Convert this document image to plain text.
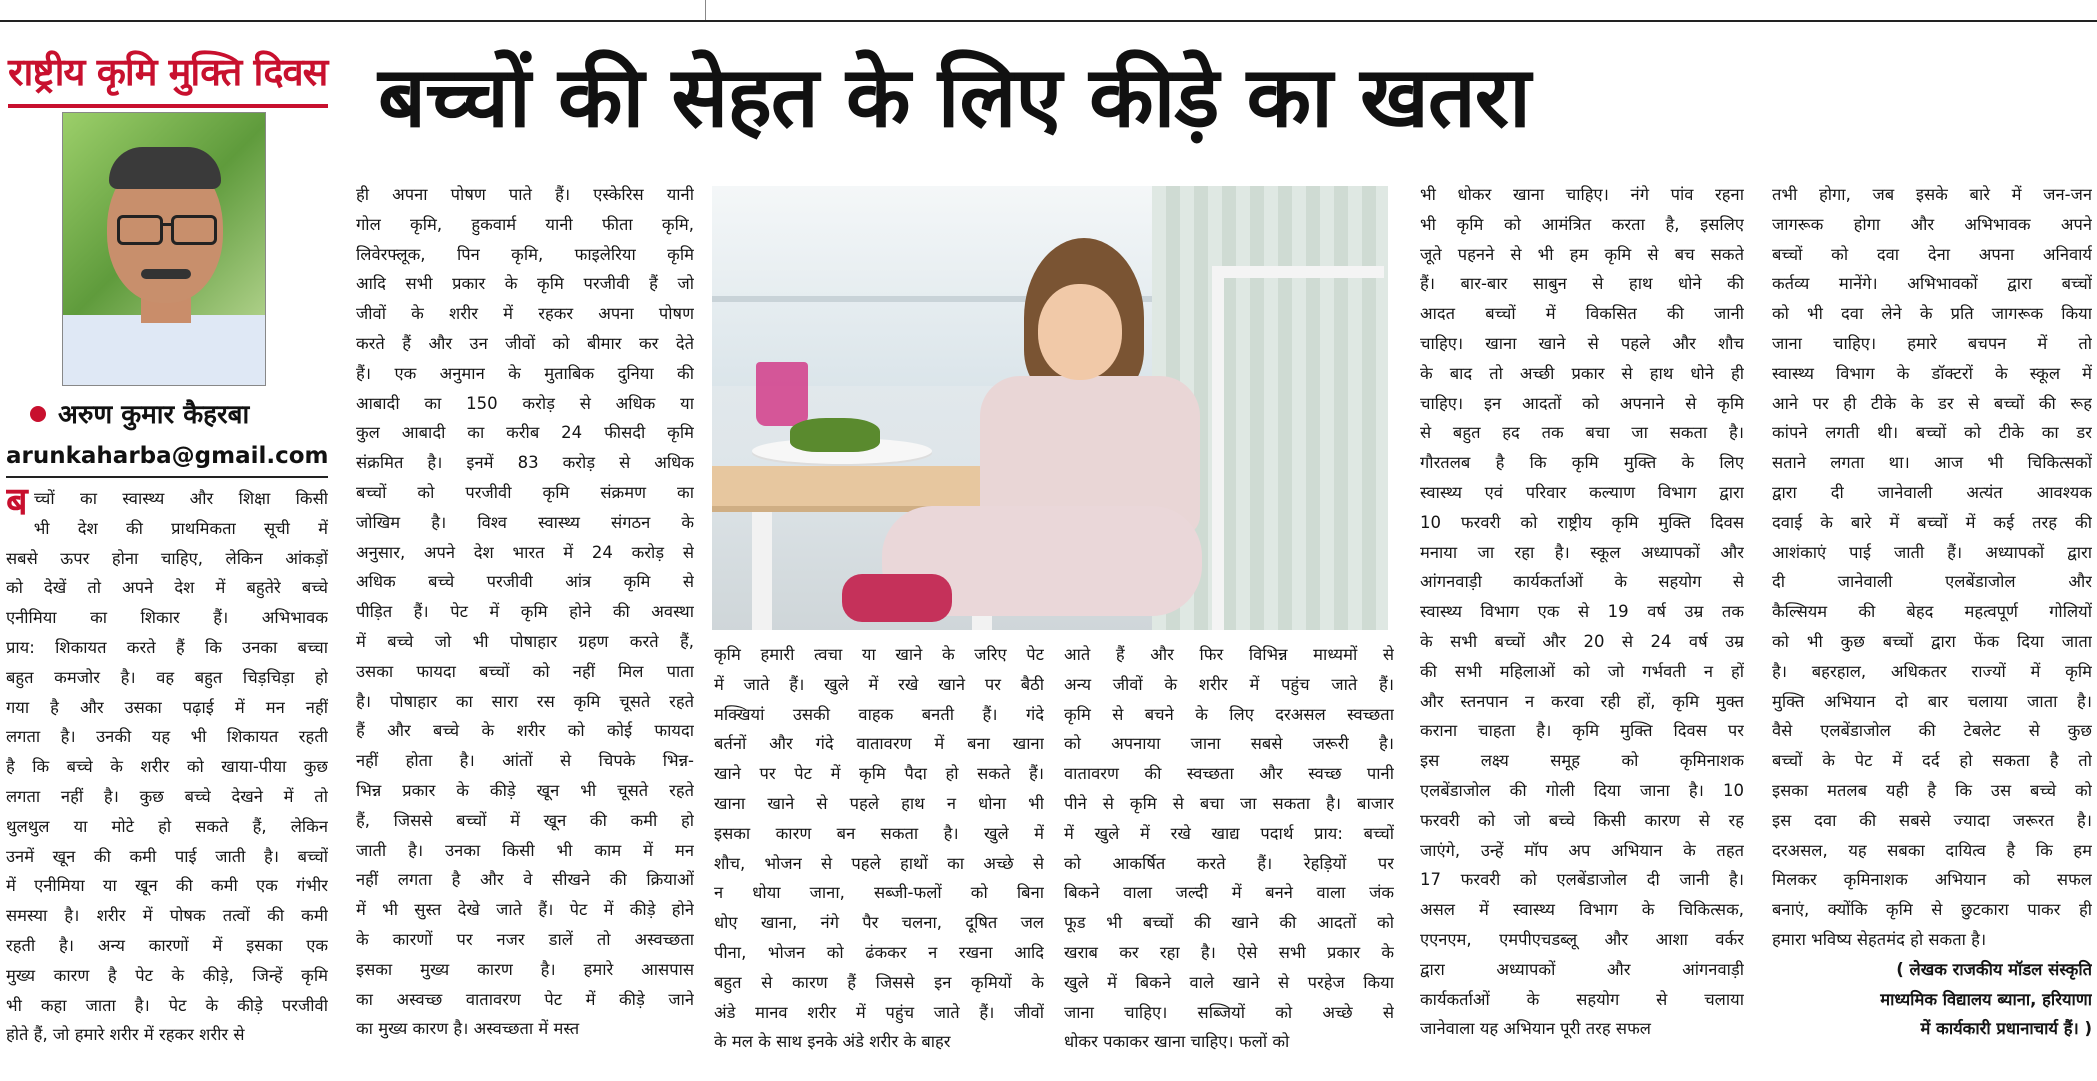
राष्ट्रीय कृमि मुक्ति दिवस बच्चों की सेहत के लिए कीड़े का खतरा
अरुण कुमार कैहरबा
arunkaharba@gmail.com
ब च्चों का स्वास्थ्य और शिक्षा किसी
भी देश की प्राथमिकता सूची में
सबसे ऊपर होना चाहिए, लेकिन आंकड़ों
को देखें तो अपने देश में बहुतेरे बच्चे
एनीमिया का शिकार हैं। अभिभावक
प्राय: शिकायत करते हैं कि उनका बच्चा
बहुत कमजोर है। वह बहुत चिड़चिड़ा हो
गया है और उसका पढ़ाई में मन नहीं
लगता है। उनकी यह भी शिकायत रहती
है कि बच्चे के शरीर को खाया-पीया कुछ
लगता नहीं है। कुछ बच्चे देखने में तो
थुलथुल या मोटे हो सकते हैं, लेकिन
उनमें खून की कमी पाई जाती है। बच्चों
में एनीमिया या खून की कमी एक गंभीर
समस्या है। शरीर में पोषक तत्वों की कमी
रहती है। अन्य कारणों में इसका एक
मुख्य कारण है पेट के कीड़े, जिन्हें कृमि
भी कहा जाता है। पेट के कीड़े परजीवी
होते हैं, जो हमारे शरीर में रहकर शरीर से
ही अपना पोषण पाते हैं। एस्केरिस यानी
गोल कृमि, हुकवार्म यानी फीता कृमि,
लिवेरफ्लूक, पिन कृमि, फाइलेरिया कृमि
आदि सभी प्रकार के कृमि परजीवी हैं जो
जीवों के शरीर में रहकर अपना पोषण
करते हैं और उन जीवों को बीमार कर देते
हैं। एक अनुमान के मुताबिक दुनिया की
आबादी का 150 करोड़ से अधिक या
कुल आबादी का करीब 24 फीसदी कृमि
संक्रमित है। इनमें 83 करोड़ से अधिक
बच्चों को परजीवी कृमि संक्रमण का
जोखिम है। विश्व स्वास्थ्य संगठन के
अनुसार, अपने देश भारत में 24 करोड़ से
अधिक बच्चे परजीवी आंत्र कृमि से
पीड़ित हैं। पेट में कृमि होने की अवस्था
में बच्चे जो भी पोषाहार ग्रहण करते हैं,
उसका फायदा बच्चों को नहीं मिल पाता
है। पोषाहार का सारा रस कृमि चूसते रहते
हैं और बच्चे के शरीर को कोई फायदा
नहीं होता है। आंतों से चिपके भिन्न-
भिन्न प्रकार के कीड़े खून भी चूसते रहते
हैं, जिससे बच्चों में खून की कमी हो
जाती है। उनका किसी भी काम में मन
नहीं लगता है और वे सीखने की क्रियाओं
में भी सुस्त देखे जाते हैं। पेट में कीड़े होने
के कारणों पर नजर डालें तो अस्वच्छता
इसका मुख्य कारण है। हमारे आसपास
का अस्वच्छ वातावरण पेट में कीड़े जाने
का मुख्य कारण है। अस्वच्छता में मस्त
कृमि हमारी त्वचा या खाने के जरिए पेट
में जाते हैं। खुले में रखे खाने पर बैठी
मक्खियां उसकी वाहक बनती हैं। गंदे
बर्तनों और गंदे वातावरण में बना खाना
खाने पर पेट में कृमि पैदा हो सकते हैं।
खाना खाने से पहले हाथ न धोना भी
इसका कारण बन सकता है। खुले में
शौच, भोजन से पहले हाथों का अच्छे से
न धोया जाना, सब्जी-फलों को बिना
धोए खाना, नंगे पैर चलना, दूषित जल
पीना, भोजन को ढंककर न रखना आदि
बहुत से कारण हैं जिससे इन कृमियों के
अंडे मानव शरीर में पहुंच जाते हैं। जीवों
के मल के साथ इनके अंडे शरीर के बाहर
आते हैं और फिर विभिन्न माध्यमों से
अन्य जीवों के शरीर में पहुंच जाते हैं।
कृमि से बचने के लिए दरअसल स्वच्छता
को अपनाया जाना सबसे जरूरी है।
वातावरण की स्वच्छता और स्वच्छ पानी
पीने से कृमि से बचा जा सकता है। बाजार
में खुले में रखे खाद्य पदार्थ प्राय: बच्चों
को आकर्षित करते हैं। रेहड़ियों पर
बिकने वाला जल्दी में बनने वाला जंक
फूड भी बच्चों की खाने की आदतों को
खराब कर रहा है। ऐसे सभी प्रकार के
खुले में बिकने वाले खाने से परहेज किया
जाना चाहिए। सब्जियों को अच्छे से
धोकर पकाकर खाना चाहिए। फलों को
भी धोकर खाना चाहिए। नंगे पांव रहना
भी कृमि को आमंत्रित करता है, इसलिए
जूते पहनने से भी हम कृमि से बच सकते
हैं। बार-बार साबुन से हाथ धोने की
आदत बच्चों में विकसित की जानी
चाहिए। खाना खाने से पहले और शौच
के बाद तो अच्छी प्रकार से हाथ धोने ही
चाहिए। इन आदतों को अपनाने से कृमि
से बहुत हद तक बचा जा सकता है।
गौरतलब है कि कृमि मुक्ति के लिए
स्वास्थ्य एवं परिवार कल्याण विभाग द्वारा
10 फरवरी को राष्ट्रीय कृमि मुक्ति दिवस
मनाया जा रहा है। स्कूल अध्यापकों और
आंगनवाड़ी कार्यकर्ताओं के सहयोग से
स्वास्थ्य विभाग एक से 19 वर्ष उम्र तक
के सभी बच्चों और 20 से 24 वर्ष उम्र
की सभी महिलाओं को जो गर्भवती न हों
और स्तनपान न करवा रही हों, कृमि मुक्त
कराना चाहता है। कृमि मुक्ति दिवस पर
इस लक्ष्य समूह को कृमिनाशक
एलबेंडाजोल की गोली दिया जाना है। 10
फरवरी को जो बच्चे किसी कारण से रह
जाएंगे, उन्हें मॉप अप अभियान के तहत
17 फरवरी को एलबेंडाजोल दी जानी है।
असल में स्वास्थ्य विभाग के चिकित्सक,
एएनएम, एमपीएचडब्लू और आशा वर्कर
द्वारा अध्यापकों और आंगनवाड़ी
कार्यकर्ताओं के सहयोग से चलाया
जानेवाला यह अभियान पूरी तरह सफल
तभी होगा, जब इसके बारे में जन-जन
जागरूक होगा और अभिभावक अपने
बच्चों को दवा देना अपना अनिवार्य
कर्तव्य मानेंगे। अभिभावकों द्वारा बच्चों
को भी दवा लेने के प्रति जागरूक किया
जाना चाहिए। हमारे बचपन में तो
स्वास्थ्य विभाग के डॉक्टरों के स्कूल में
आने पर ही टीके के डर से बच्चों की रूह
कांपने लगती थी। बच्चों को टीके का डर
सताने लगता था। आज भी चिकित्सकों
द्वारा दी जानेवाली अत्यंत आवश्यक
दवाई के बारे में बच्चों में कई तरह की
आशंकाएं पाई जाती हैं। अध्यापकों द्वारा
दी जानेवाली एलबेंडाजोल और
कैल्सियम की बेहद महत्वपूर्ण गोलियों
को भी कुछ बच्चों द्वारा फेंक दिया जाता
है। बहरहाल, अधिकतर राज्यों में कृमि
मुक्ति अभियान दो बार चलाया जाता है।
वैसे एलबेंडाजोल की टेबलेट से कुछ
बच्चों के पेट में दर्द हो सकता है तो
इसका मतलब यही है कि उस बच्चे को
इस दवा की सबसे ज्यादा जरूरत है।
दरअसल, यह सबका दायित्व है कि हम
मिलकर कृमिनाशक अभियान को सफल
बनाएं, क्योंकि कृमि से छुटकारा पाकर ही
हमारा भविष्य सेहतमंद हो सकता है।
( लेखक राजकीय मॉडल संस्कृति
माध्यमिक विद्यालय ब्याना, हरियाणा
में कार्यकारी प्रधानाचार्य हैं। )
